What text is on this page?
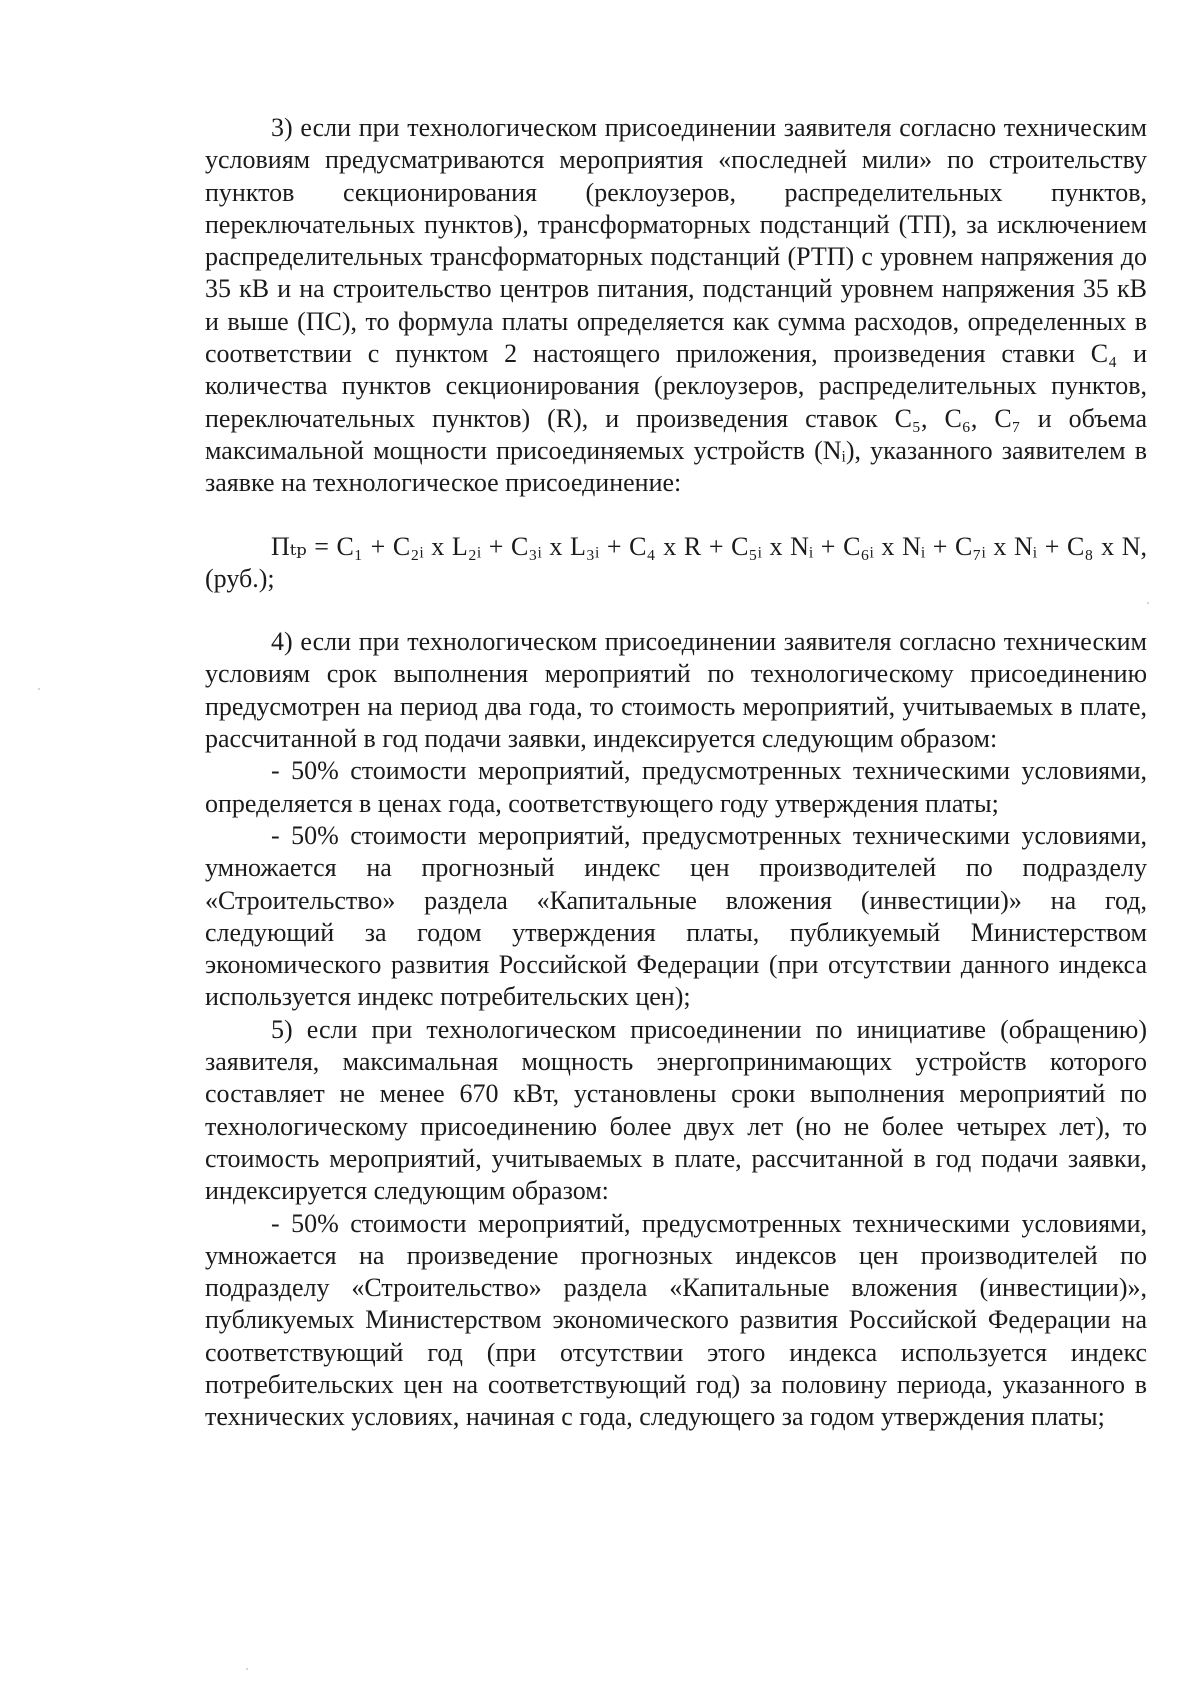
3) если при технологическом присоединении заявителя согласно техническим условиям предусматриваются мероприятия «последней мили» по строительству пунктов секционирования (реклоузеров, распределительных пунктов, переключательных пунктов), трансформаторных подстанций (ТП), за исключением распределительных трансформаторных подстанций (РТП) с уровнем напряжения до 35 кВ и на строительство центров питания, подстанций уровнем напряжения 35 кВ и выше (ПС), то формула платы определяется как сумма расходов, определенных в соответствии с пунктом 2 настоящего приложения, произведения ставки C₄ и количества пунктов секционирования (реклоузеров, распределительных пунктов, переключательных пунктов) (R), и произведения ставок C₅, C₆, C₇ и объема максимальной мощности присоединяемых устройств (Nᵢ), указанного заявителем в заявке на технологическое присоединение:

Пₜₚ = C₁ + C₂ᵢ x L₂ᵢ + C₃ᵢ x L₃ᵢ + C₄ x R + C₅ᵢ x Nᵢ + C₆ᵢ x Nᵢ + C₇ᵢ x Nᵢ + C₈ x N, (руб.);

4) если при технологическом присоединении заявителя согласно техническим условиям срок выполнения мероприятий по технологическому присоединению предусмотрен на период два года, то стоимость мероприятий, учитываемых в плате, рассчитанной в год подачи заявки, индексируется следующим образом:

- 50% стоимости мероприятий, предусмотренных техническими условиями, определяется в ценах года, соответствующего году утверждения платы;

- 50% стоимости мероприятий, предусмотренных техническими условиями, умножается на прогнозный индекс цен производителей по подразделу «Строительство» раздела «Капитальные вложения (инвестиции)» на год, следующий за годом утверждения платы, публикуемый Министерством экономического развития Российской Федерации (при отсутствии данного индекса используется индекс потребительских цен);

5) если при технологическом присоединении по инициативе (обращению) заявителя, максимальная мощность энергопринимающих устройств которого составляет не менее 670 кВт, установлены сроки выполнения мероприятий по технологическому присоединению более двух лет (но не более четырех лет), то стоимость мероприятий, учитываемых в плате, рассчитанной в год подачи заявки, индексируется следующим образом:

- 50% стоимости мероприятий, предусмотренных техническими условиями, умножается на произведение прогнозных индексов цен производителей по подразделу «Строительство» раздела «Капитальные вложения (инвестиции)», публикуемых Министерством экономического развития Российской Федерации на соответствующий год (при отсутствии этого индекса используется индекс потребительских цен на соответствующий год) за половину периода, указанного в технических условиях, начиная с года, следующего за годом утверждения платы;
